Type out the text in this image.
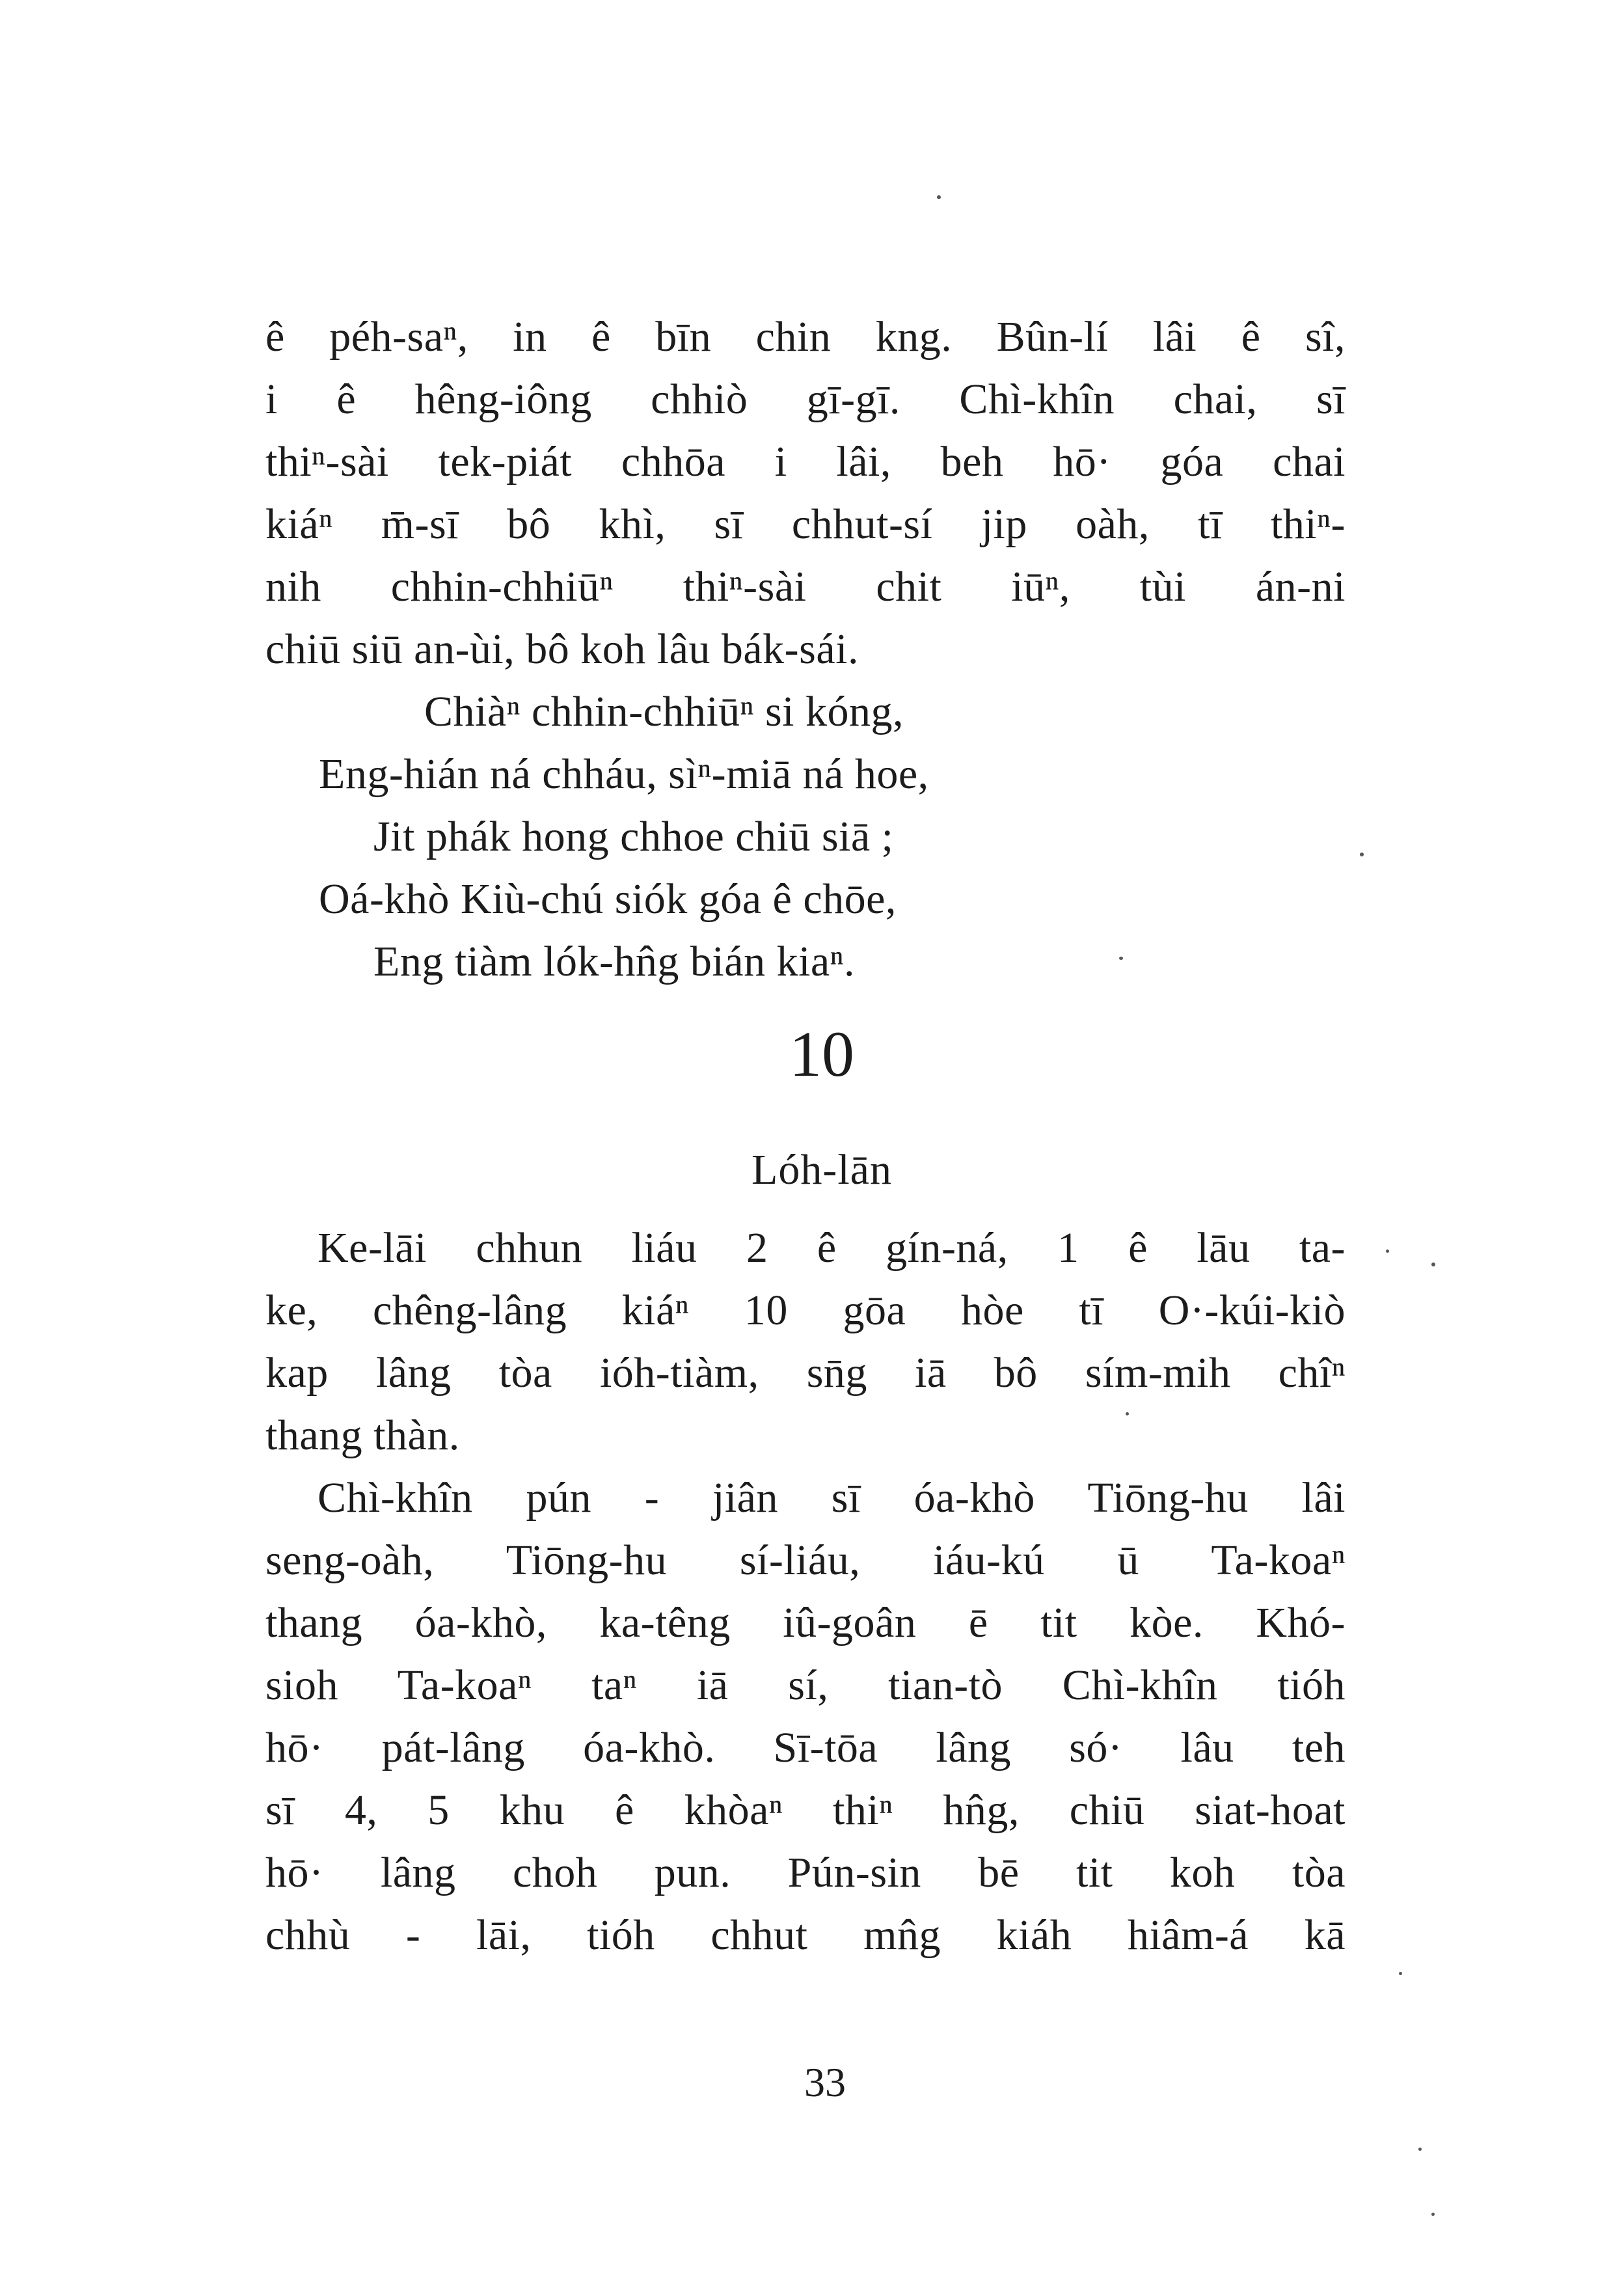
ê péh-saⁿ, in ê bīn chin kng. Bûn-lí lâi ê sî,
i ê hêng-iông chhiò gī-gī. Chì-khîn chai, sī
thiⁿ-sài tek-piát chhōa i lâi, beh hō· góa chai
kiáⁿ m̄-sī bô khì, sī chhut-sí jip oàh, tī thiⁿ-
nih chhin-chhiūⁿ thiⁿ-sài chit iūⁿ, tùi án-ni
chiū siū an-ùi, bô koh lâu bák-sái.
Chiàⁿ chhin-chhiūⁿ si kóng,
Eng-hián ná chháu, sìⁿ-miā ná hoe,
Jit phák hong chhoe chiū siā ;
Oá-khò Kiù-chú siók góa ê chōe,
Eng tiàm lók-hn̂g bián kiaⁿ.
10
Lóh-lān
Ke-lāi chhun liáu 2 ê gín-ná, 1 ê lāu ta-
ke, chêng-lâng kiáⁿ 10 gōa hòe tī O·-kúi-kiò
kap lâng tòa ióh-tiàm, sn̄g iā bô sím-mih chîⁿ
thang thàn.
Chì-khîn pún - jiân sī óa-khò Tiōng-hu lâi
seng-oàh, Tiōng-hu sí-liáu, iáu-kú ū Ta-koaⁿ
thang óa-khò, ka-têng iû-goân ē tit kòe. Khó-
sioh Ta-koaⁿ taⁿ iā sí, tian-tò Chì-khîn tióh
hō· pát-lâng óa-khò. Sī-tōa lâng só· lâu teh
sī 4, 5 khu ê khòaⁿ thiⁿ hn̂g, chiū siat-hoat
hō· lâng choh pun. Pún-sin bē tit koh tòa
chhù - lāi, tióh chhut mn̂g kiáh hiâm-á kā
33
